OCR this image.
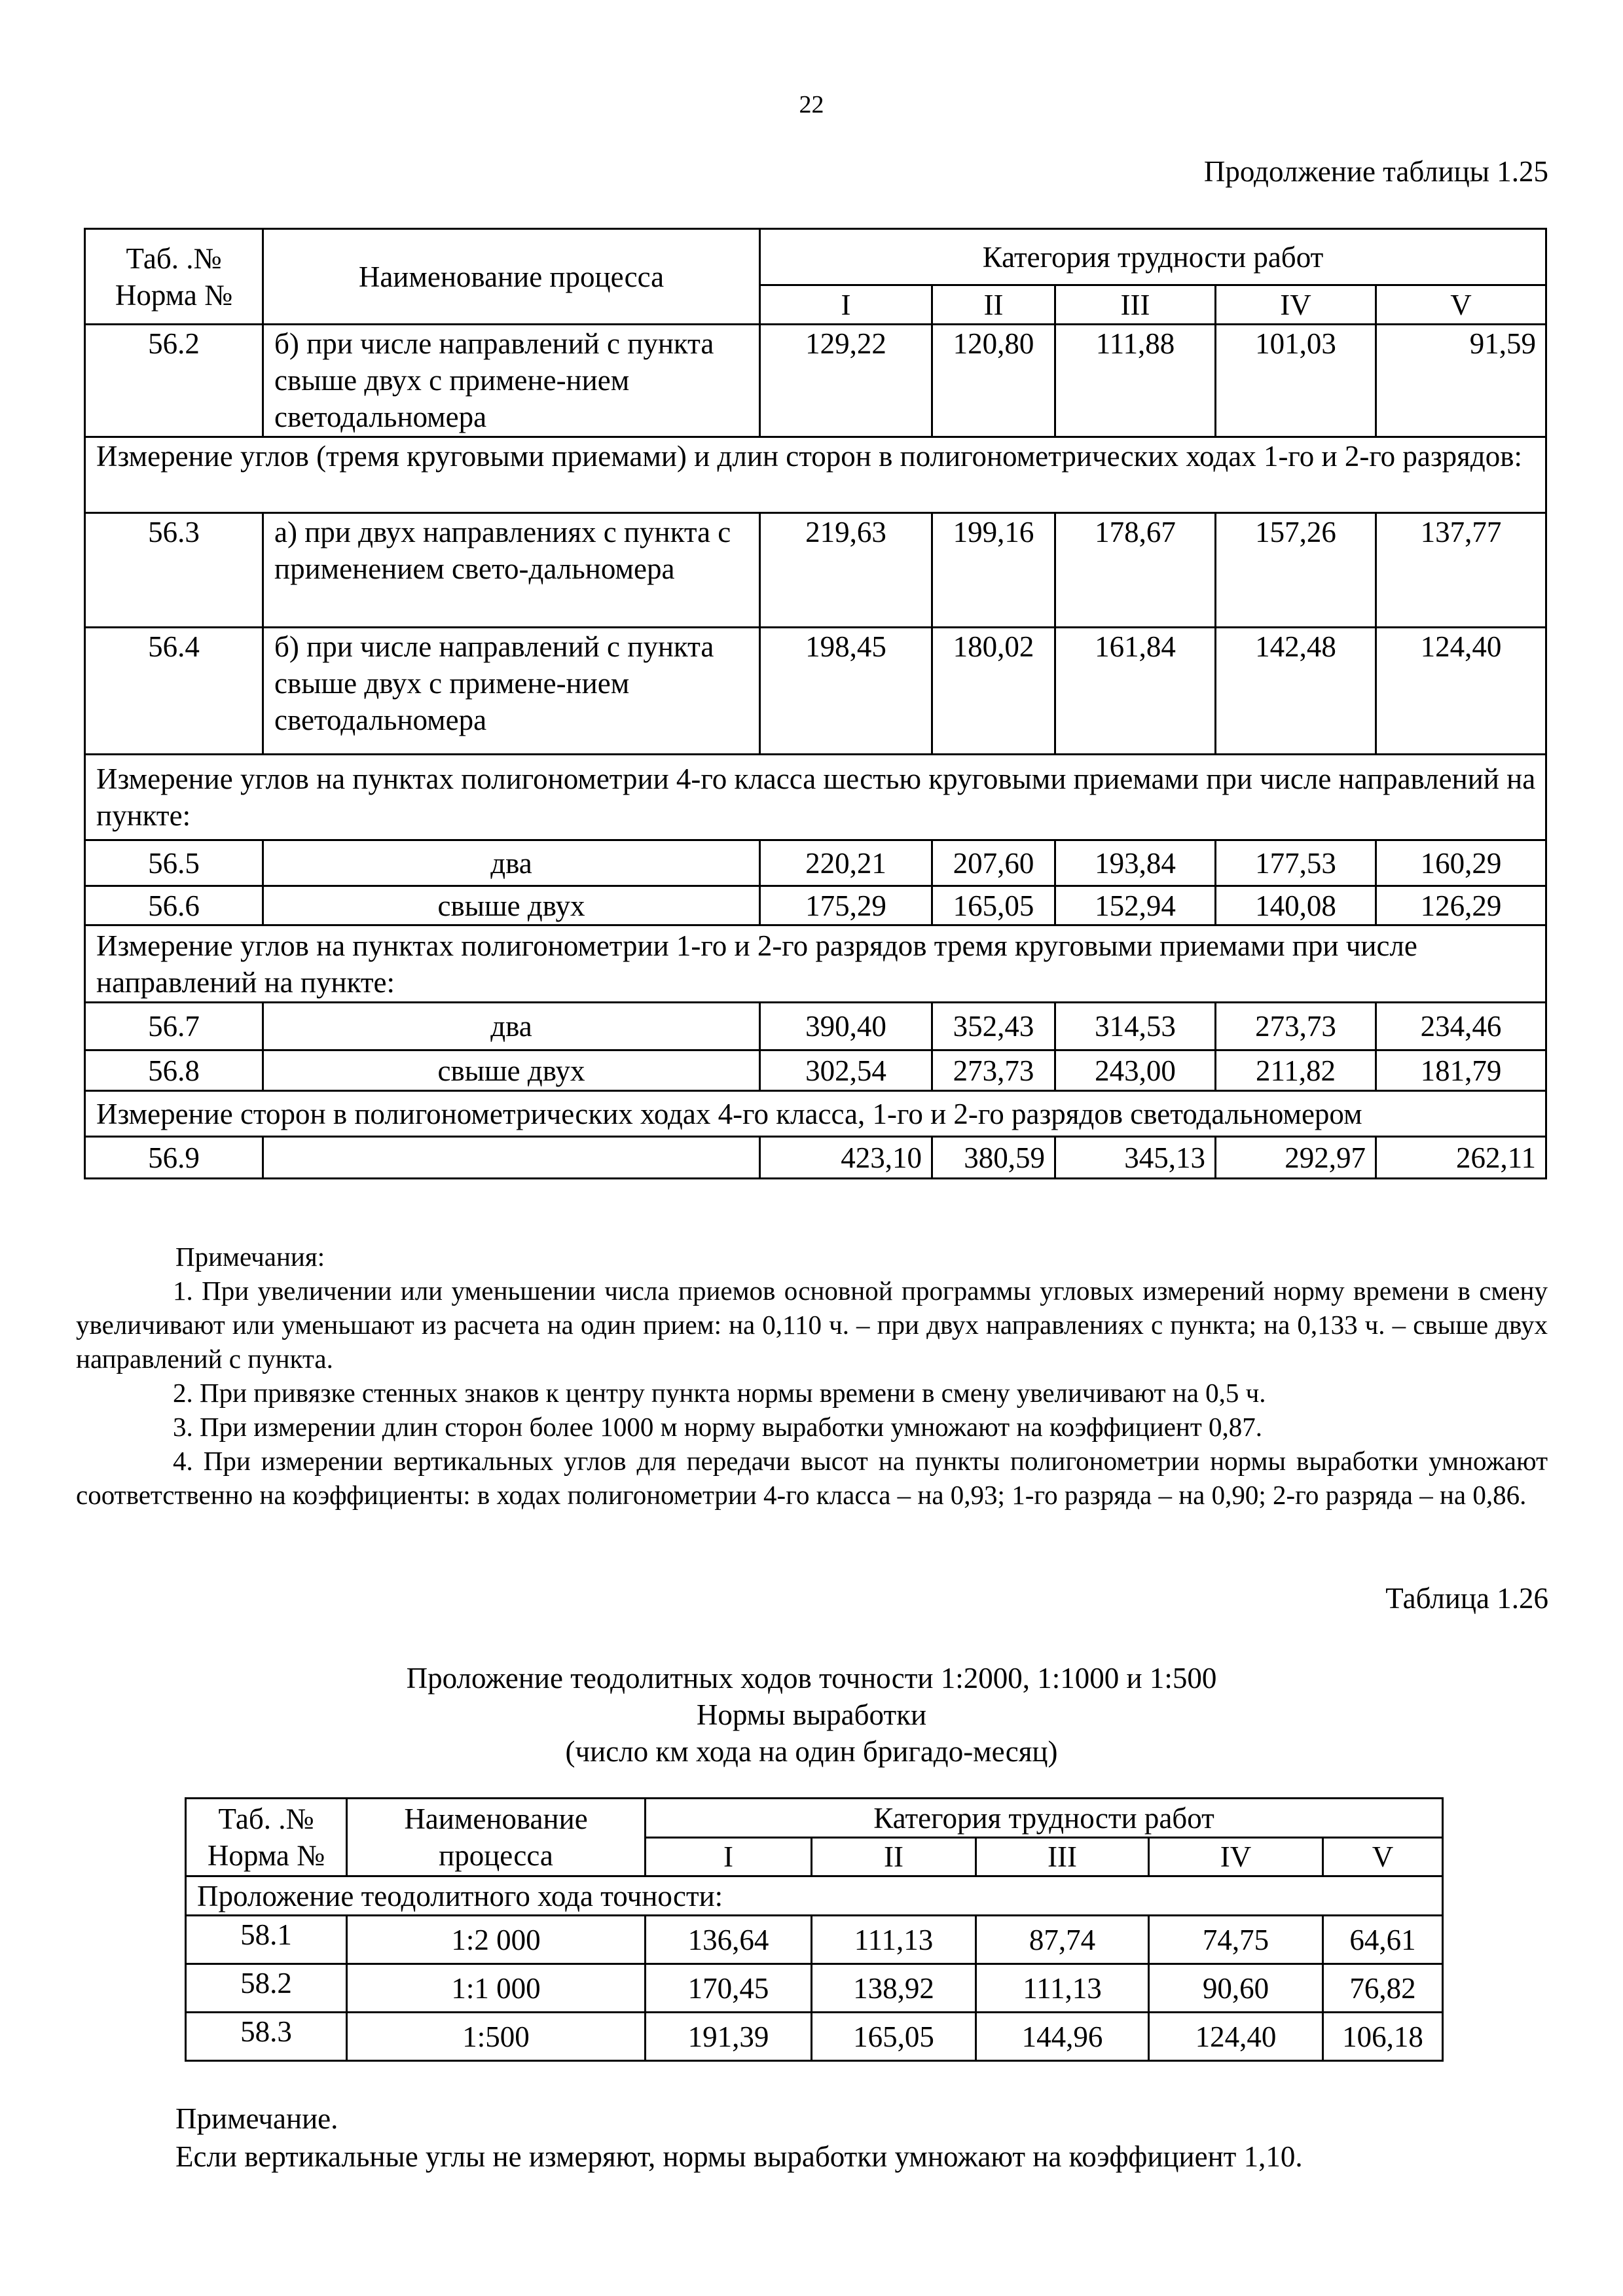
22
Продолжение таблицы 1.25
Таб. .№ Норма №	Наименование процесса	Категория трудности работ				
		I	II	III	IV	V
56.2	б) при числе направлений с пункта свыше двух с примене-нием светодальномера	129,22	120,80	111,88	101,03	91,59
Измерение углов (тремя круговыми приемами) и длин сторон в полигонометрических ходах 1-го и 2-го разрядов:						
56.3	а) при двух направлениях с пункта с применением свето-дальномера	219,63	199,16	178,67	157,26	137,77
56.4	б) при числе направлений с пункта свыше двух с примене-нием светодальномера	198,45	180,02	161,84	142,48	124,40
Измерение углов на пунктах полигонометрии 4-го класса шестью круговыми приемами при числе направлений на пункте:						
56.5	два	220,21	207,60	193,84	177,53	160,29
56.6	свыше двух	175,29	165,05	152,94	140,08	126,29
Измерение углов на пунктах полигонометрии 1-го и 2-го разрядов тремя круговыми приемами при числе направлений на пункте:						
56.7	два	390,40	352,43	314,53	273,73	234,46
56.8	свыше двух	302,54	273,73	243,00	211,82	181,79
Измерение сторон в полигонометрических ходах 4-го класса, 1-го и 2-го разрядов светодальномером						
56.9		423,10	380,59	345,13	292,97	262,11

Примечания:

1. При увеличении или уменьшении числа приемов основной программы угловых измерений норму времени в смену увеличивают или уменьшают из расчета на один прием: на 0,110 ч. – при двух направлениях с пункта; на 0,133 ч. – свыше двух направлений с пункта.

2. При привязке стенных знаков к центру пункта нормы времени в смену увеличивают на 0,5 ч.

3. При измерении длин сторон более 1000 м норму выработки умножают на коэффициент 0,87.

4. При измерении вертикальных углов для передачи высот на пункты полигонометрии нормы выработки умножают соответственно на коэффициенты: в ходах полигонометрии 4-го класса – на 0,93; 1-го разряда – на 0,90; 2-го разряда – на 0,86.

Таблица 1.26
Проложение теодолитных ходов точности 1:2000, 1:1000 и 1:500
Нормы выработки
(число км хода на один бригадо-месяц)
Таб. .№ Норма №	Наименование процесса	Категория трудности работ				
		I	II	III	IV	V
Проложение теодолитного хода точности:						
58.1	1:2 000	136,64	111,13	87,74	74,75	64,61
58.2	1:1 000	170,45	138,92	111,13	90,60	76,82
58.3	1:500	191,39	165,05	144,96	124,40	106,18
Примечание.
Если вертикальные углы не измеряют, нормы выработки умножают на коэффициент 1,10.
